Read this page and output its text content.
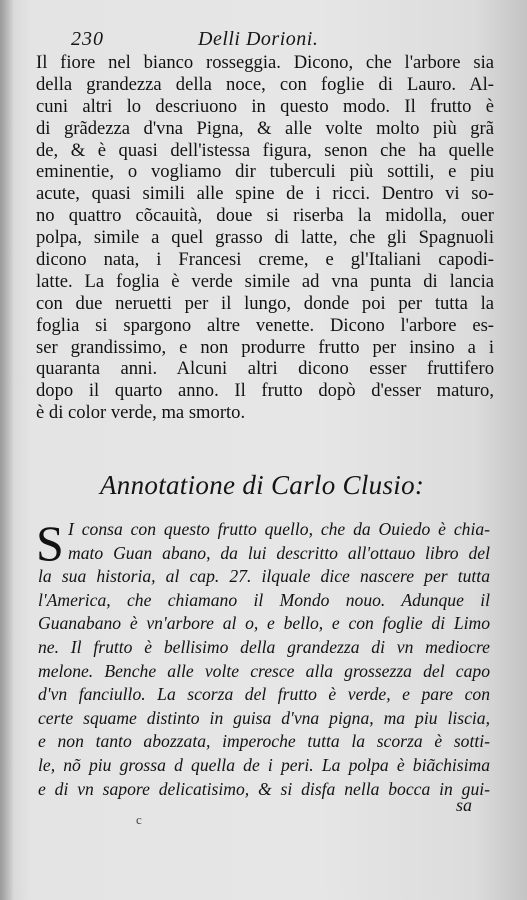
230	Delli Dorioni.
Il fiore nel bianco rosseggia. Dicono, che l'arbore sia
della grandezza della noce, con foglie di Lauro. Al-
cuni altri lo descriuono in questo modo. Il frutto è
di grãdezza d'vna Pigna, & alle volte molto più grã
de, & è quasi dell'istessa figura, senon che ha quelle
eminentie, o vogliamo dir tuberculi più sottili, e piu
acute, quasi simili alle spine de i ricci. Dentro vi so-
no quattro cõcauità, doue si riserba la midolla, ouer
polpa, simile a quel grasso di latte, che gli Spagnuoli
dicono nata, i Francesi creme, e gl'Italiani capodi-
latte. La foglia è verde simile ad vna punta di lancia
con due neruetti per il lungo, donde poi per tutta la
foglia si spargono altre venette. Dicono l'arbore es-
ser grandissimo, e non produrre frutto per insino a i
quaranta anni. Alcuni altri dicono esser fruttifero
dopo il quarto anno. Il frutto dopò d'esser maturo,
è di color verde, ma smorto.
Annotatione di Carlo Clusio:
S I consa con questo frutto quello, che da Ouiedo è chia-
mato Guan abano, da lui descritto all'ottauo libro del
la sua historia, al cap. 27. ilquale dice nascere per tutta
l'America, che chiamano il Mondo nouo. Adunque il
Guanabano è vn'arbore al o, e bello, e con foglie di Limo
ne. Il frutto è bellisimo della grandezza di vn mediocre
melone. Benche alle volte cresce alla grossezza del capo
d'vn fanciullo. La scorza del frutto è verde, e pare con
certe squame distinto in guisa d'vna pigna, ma piu liscia,
e non tanto abozzata, imperoche tutta la scorza è sotti-
le, nõ piu grossa d quella de i peri. La polpa è biãchisima
e di vn sapore delicatisimo, & si disfa nella bocca in gui-
sa
c
